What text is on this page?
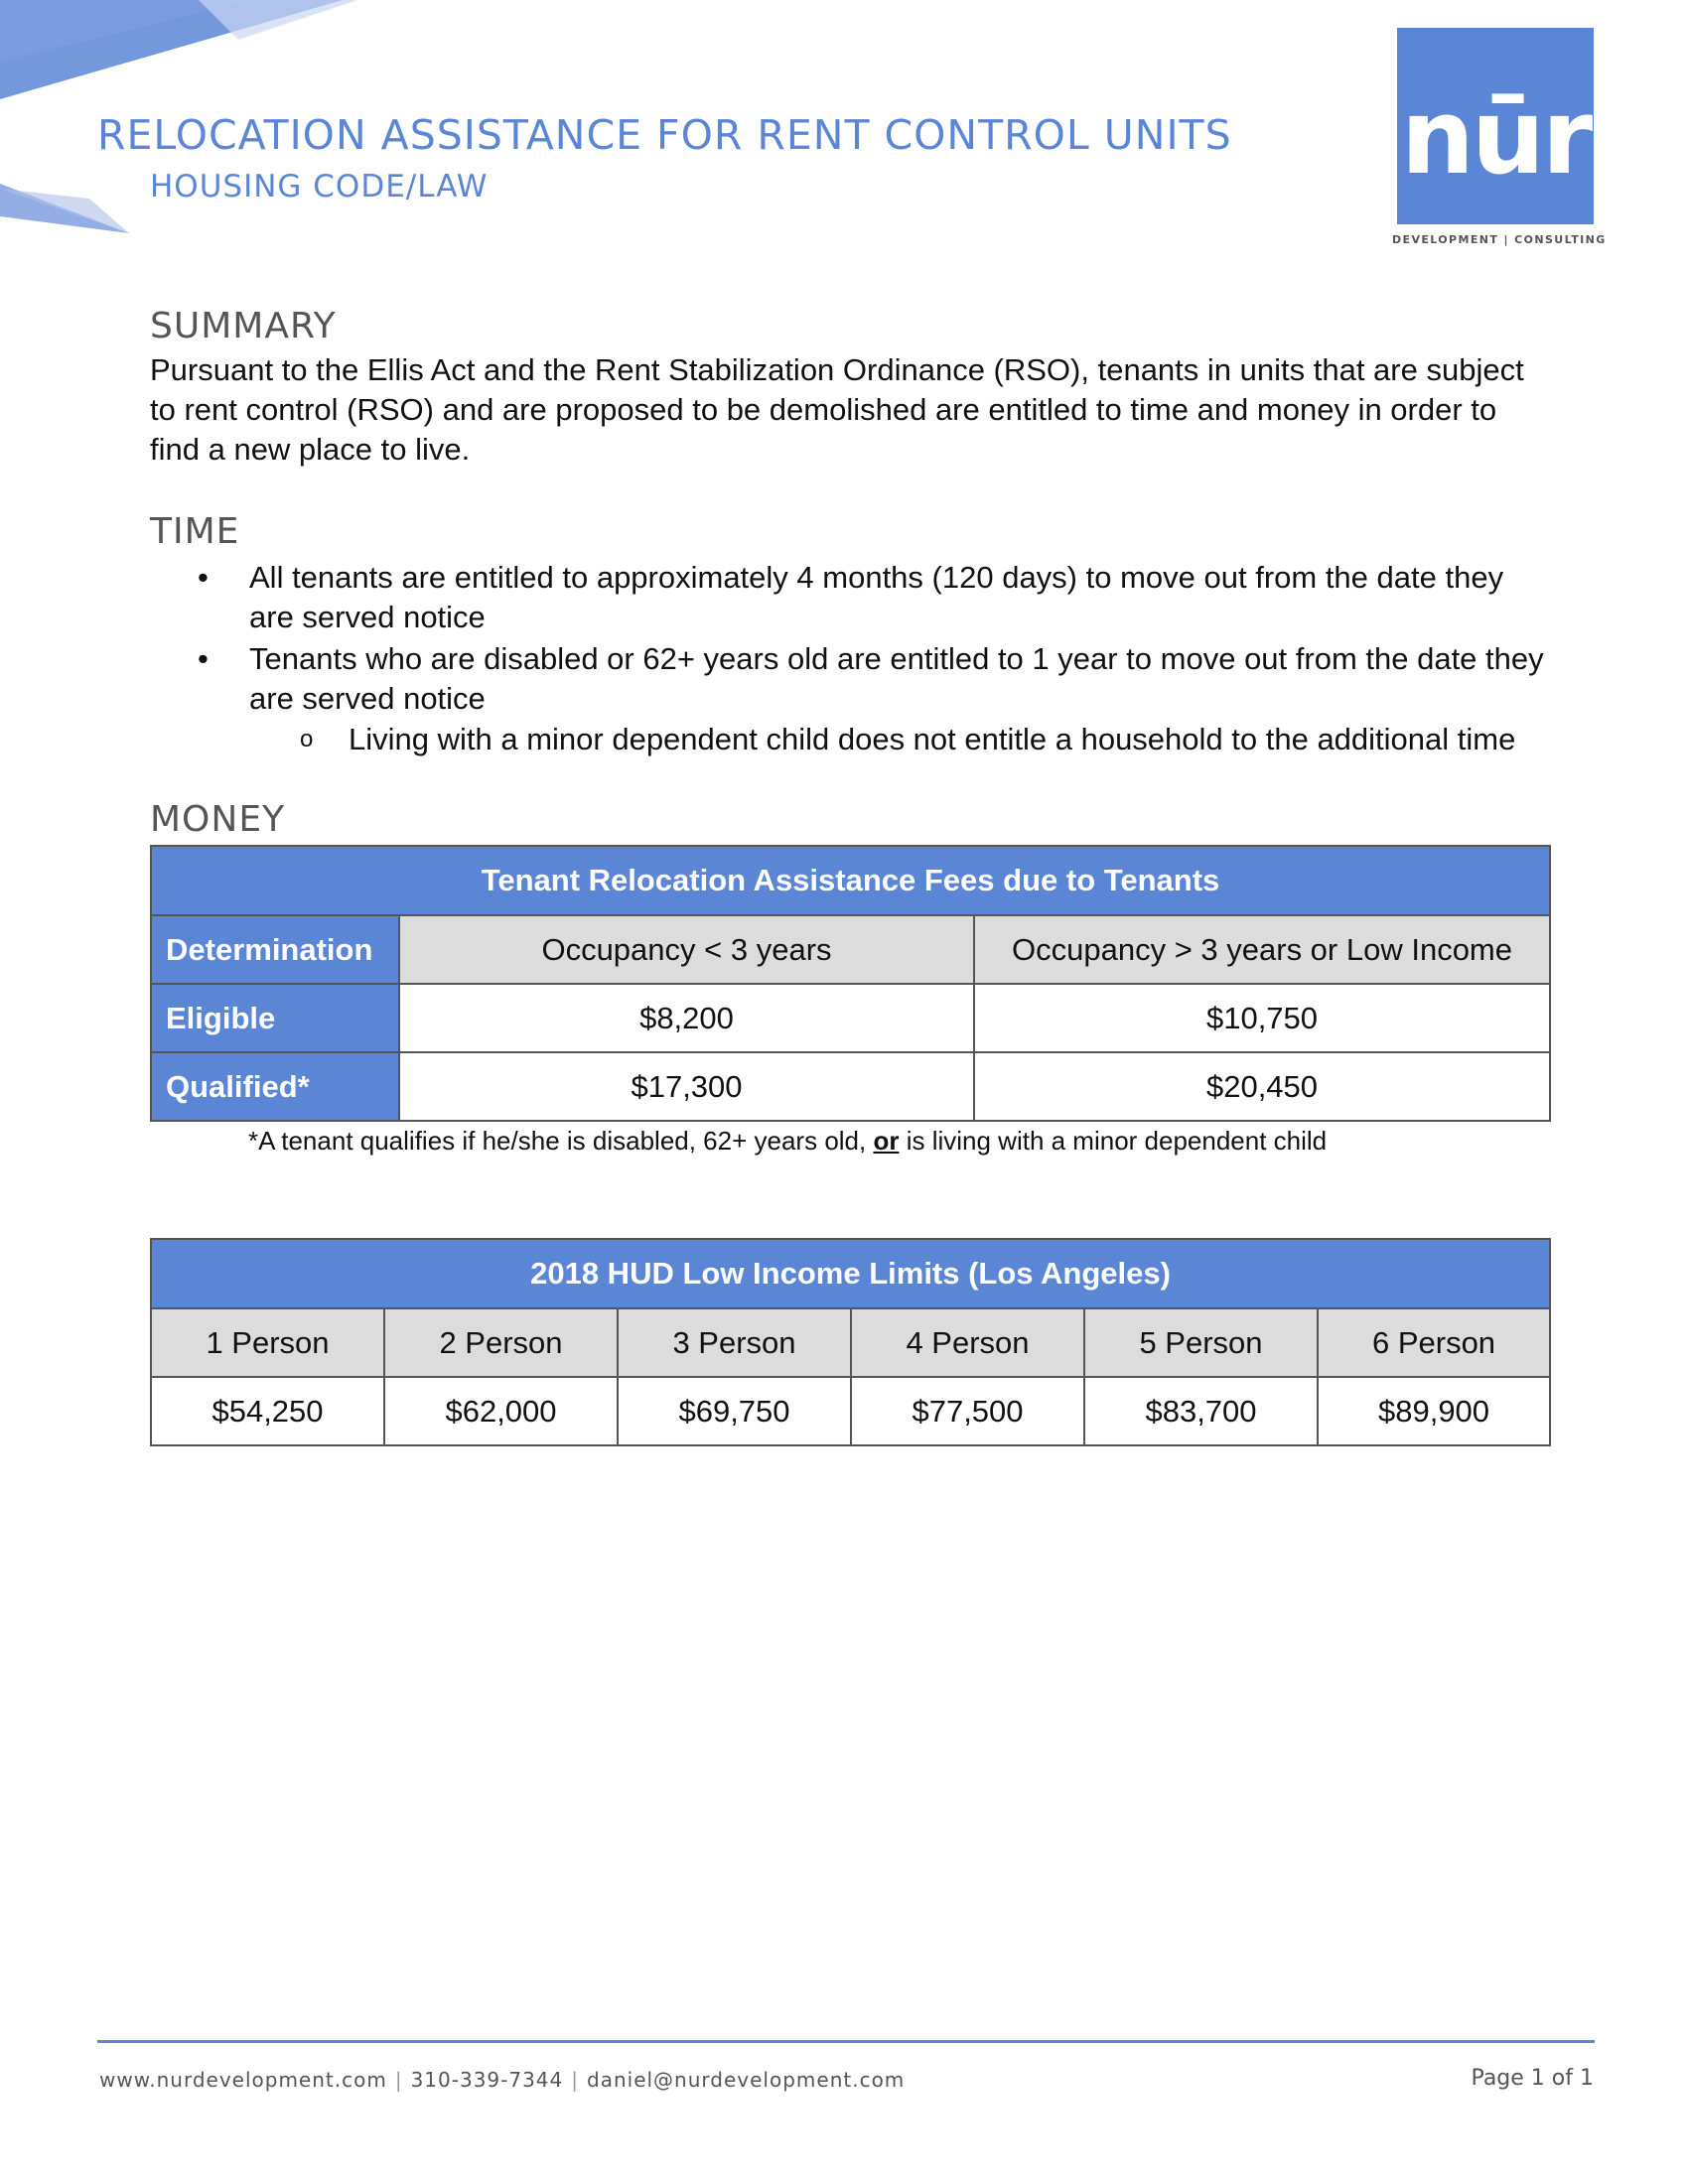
RELOCATION ASSISTANCE FOR RENT CONTROL UNITS
HOUSING CODE/LAW	nūr
DEVELOPMENT | CONSULTING
SUMMARY

Pursuant to the Ellis Act and the Rent Stabilization Ordinance (RSO), tenants in units that are subject to rent control (RSO) and are proposed to be demolished are entitled to time and money in order to find a new place to live.

TIME
• All tenants are entitled to approximately 4 months (120 days) to move out from the date they are served notice
• Tenants who are disabled or 62+ years old are entitled to 1 year to move out from the date they are served notice
o Living with a minor dependent child does not entitle a household to the additional time
MONEY
Tenant Relocation Assistance Fees due to Tenants		
Determination	Occupancy < 3 years	Occupancy > 3 years or Low Income
Eligible	$8,200	$10,750
Qualified*	$17,300	$20,450
*A tenant qualifies if he/she is disabled, 62+ years old, or is living with a minor dependent child
2018 HUD Low Income Limits (Los Angeles)					
1 Person	2 Person	3 Person	4 Person	5 Person	6 Person
$54,250	$62,000	$69,750	$77,500	$83,700	$89,900
www.nurdevelopment.com | 310-339-7344 | daniel@nurdevelopment.com	Page 1 of 1
